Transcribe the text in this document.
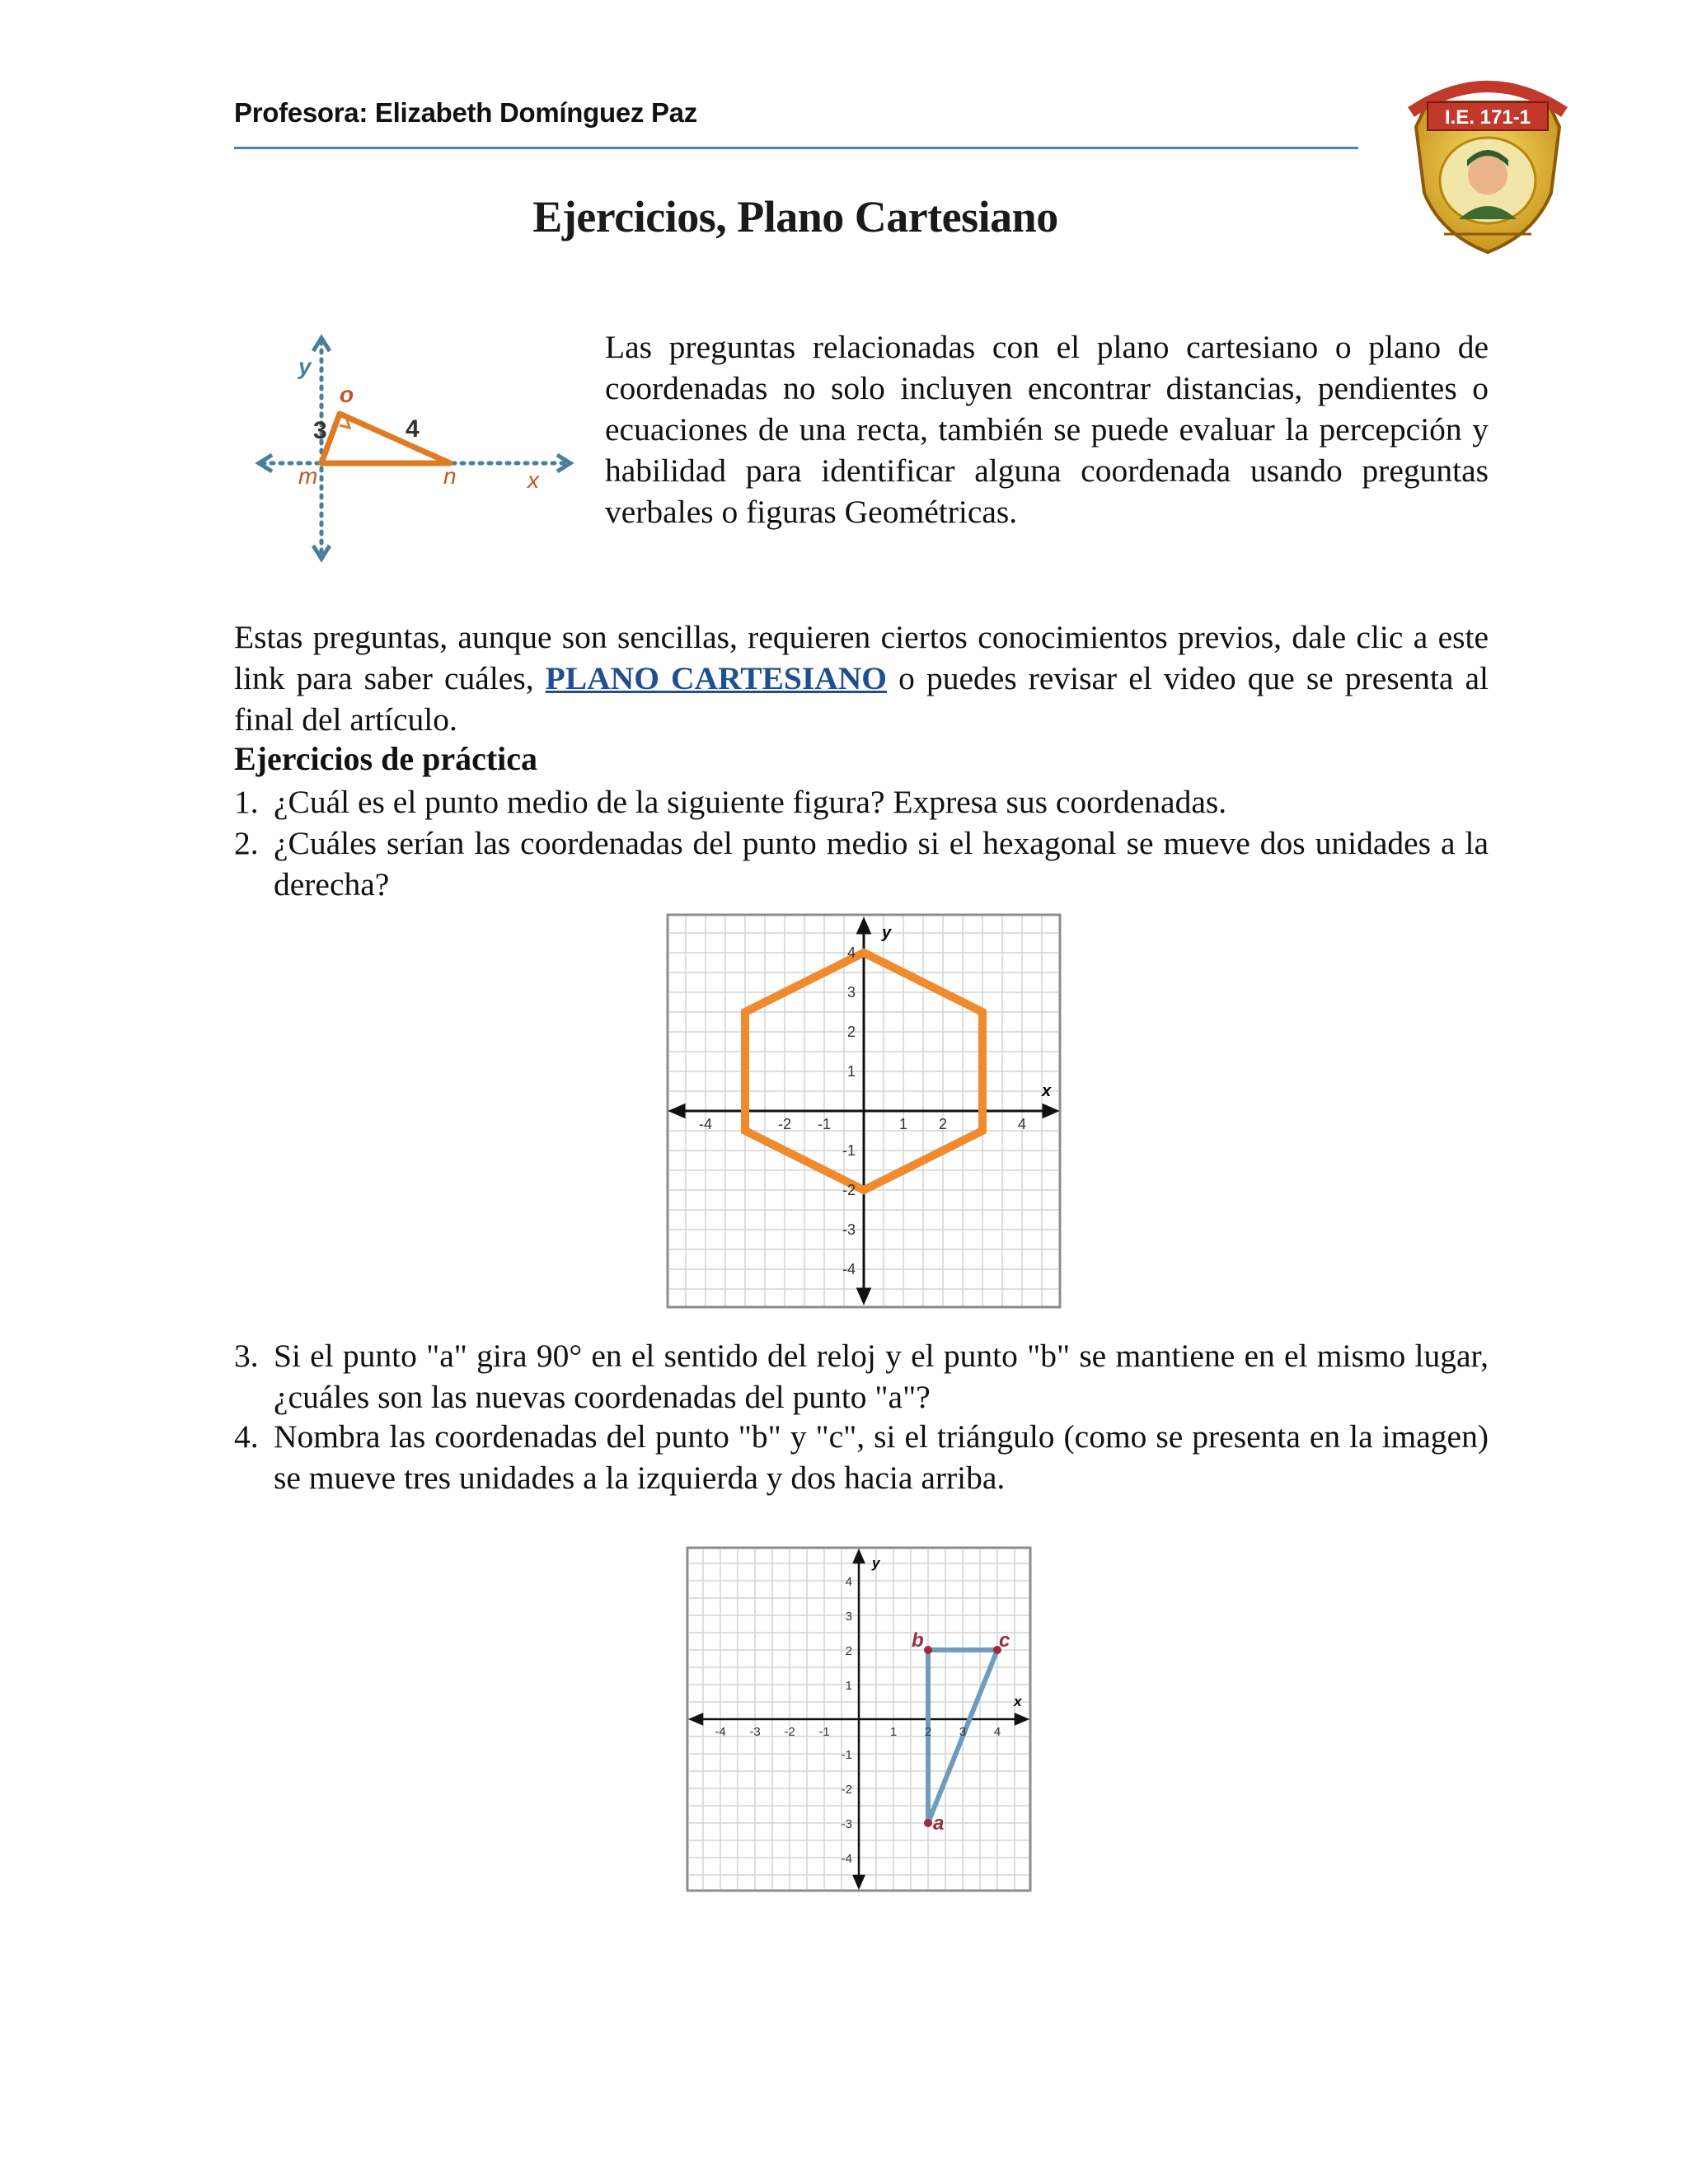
Profesora: Elizabeth Domínguez Paz	I.E. 171-1
Ejercicios, Plano Cartesiano
y
o
3	4
m	n	x
Las preguntas relacionadas con el plano cartesiano o plano de coordenadas no solo incluyen encontrar distancias, pendientes o ecuaciones de una recta, también se puede evaluar la percepción y habilidad para identificar alguna coordenada usando preguntas verbales o figuras Geométricas.
Estas preguntas, aunque son sencillas, requieren ciertos conocimientos previos, dale clic a este link para saber cuáles, PLANO CARTESIANO o puedes revisar el video que se presenta al final del artículo.
Ejercicios de práctica
1. ¿Cuál es el punto medio de la siguiente figura? Expresa sus coordenadas.
2. ¿Cuáles serían las coordenadas del punto medio si el hexagonal se mueve dos unidades a la derecha?
y
x
-4	-2 -1	1 2	4
4
3
2
1
-1
-2
-3
-4
3. Si el punto "a" gira 90° en el sentido del reloj y el punto "b" se mantiene en el mismo lugar, ¿cuáles son las nuevas coordenadas del punto "a"?
4. Nombra las coordenadas del punto "b" y "c", si el triángulo (como se presenta en la imagen) se mueve tres unidades a la izquierda y dos hacia arriba.
b	c
a
y
x
-4 -3 -2 -1	1 2 3 4
4
3
2
1
-1
-2
-3
-4
